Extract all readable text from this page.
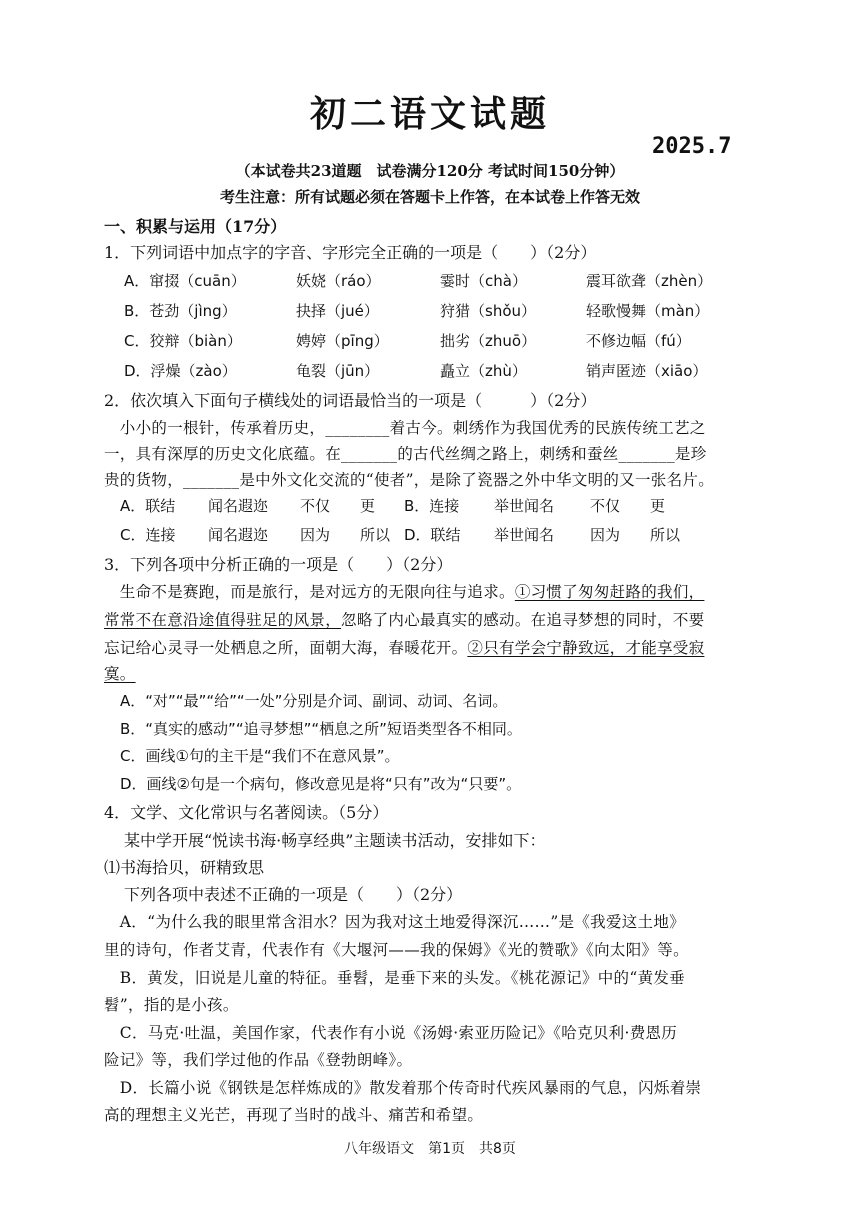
初二语文试题
2025.7
（本试卷共23道题　试卷满分120分 考试时间150分钟）
考生注意：所有试题必须在答题卡上作答，在本试卷上作答无效
一、积累与运用（17分）
1．下列词语中加点字的字音、字形完全正确的一项是（　　）（2分）
A．窜掇（cuān）	妖娆（ráo）	霎时（chà）	震耳欲聋（zhèn）
B．苍劲（jìng）	抉择（jué）	狩猎（shǒu）	轻歌慢舞（màn）
C．狡辩（biàn）	娉婷（pīng）	拙劣（zhuō）	不修边幅（fú）
D．浮燥（zào）	龟裂（jūn）	矗立（zhù）	销声匿迹（xiāo）
2．依次填入下面句子横线处的词语最恰当的一项是（　　　）（2分）
　小小的一根针，传承着历史，________着古今。刺绣作为我国优秀的民族传统工艺之
一，具有深厚的历史文化底蕴。在_______的古代丝绸之路上，刺绣和蚕丝_______是珍
贵的货物，_______是中外文化交流的“使者”，是除了瓷器之外中华文明的又一张名片。
A．联结 闻名遐迩 不仅 更 B．连接 举世闻名 不仅 更
C．连接 闻名遐迩 因为 所以 D．联结 举世闻名 因为 所以
3．下列各项中分析正确的一项是（　　）（2分）
　生命不是赛跑，而是旅行，是对远方的无限向往与追求。①习惯了匆匆赶路的我们，
常常不在意沿途值得驻足的风景，忽略了内心最真实的感动。在追寻梦想的同时，不要
忘记给心灵寻一处栖息之所，面朝大海，春暖花开。②只有学会宁静致远，才能享受寂
寞。
A．“对”“最”“给”“一处”分别是介词、副词、动词、名词。
B．“真实的感动”“追寻梦想”“栖息之所”短语类型各不相同。
C．画线①句的主干是“我们不在意风景”。
D．画线②句是一个病句，修改意见是将“只有”改为“只要”。
4．文学、文化常识与名著阅读。（5分）
某中学开展“悦读书海·畅享经典”主题读书活动，安排如下：
⑴书海拾贝，研精致思
下列各项中表述不正确的一项是（　　）（2分）
　A．“为什么我的眼里常含泪水？因为我对这土地爱得深沉……”是《我爱这土地》
里的诗句，作者艾青，代表作有《大堰河——我的保姆》《光的赞歌》《向太阳》等。
　B．黄发，旧说是儿童的特征。垂髫，是垂下来的头发。《桃花源记》中的“黄发垂
髫”，指的是小孩。
　C．马克·吐温，美国作家，代表作有小说《汤姆·索亚历险记》《哈克贝利·费恩历
险记》等，我们学过他的作品《登勃朗峰》。
　D．长篇小说《钢铁是怎样炼成的》散发着那个传奇时代疾风暴雨的气息，闪烁着崇
高的理想主义光芒，再现了当时的战斗、痛苦和希望。
八年级语文　第1页　共8页
